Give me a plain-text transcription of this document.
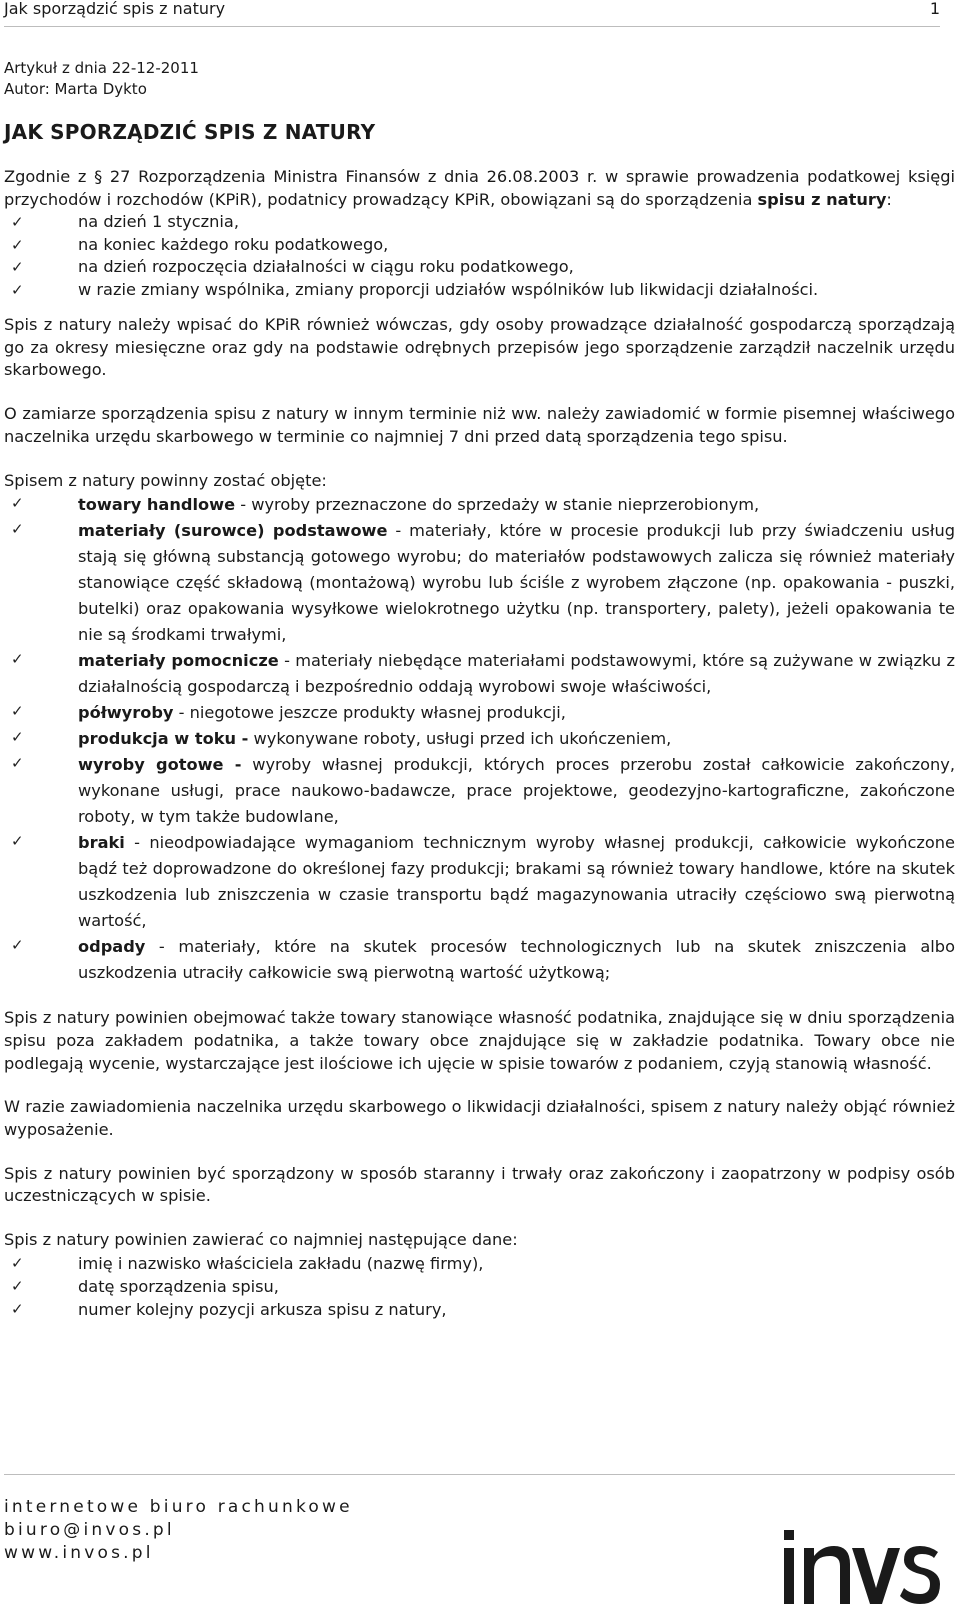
Jak sporządzić spis z natury	1
Artykuł z dnia 22-12-2011
Autor: Marta Dykto
JAK SPORZĄDZIĆ SPIS Z NATURY

Zgodnie z § 27 Rozporządzenia Ministra Finansów z dnia 26.08.2003 r. w sprawie prowadzenia podatkowej księgi przychodów i rozchodów (KPiR), podatnicy prowadzący KPiR, obowiązani są do sporządzenia spisu z natury:

✓	na dzień 1 stycznia,
✓	na koniec każdego roku podatkowego,
✓	na dzień rozpoczęcia działalności w ciągu roku podatkowego,
✓	w razie zmiany wspólnika, zmiany proporcji udziałów wspólników lub likwidacji działalności.

Spis z natury należy wpisać do KPiR również wówczas, gdy osoby prowadzące działalność gospodarczą sporządzają go za okresy miesięczne oraz gdy na podstawie odrębnych przepisów jego sporządzenie zarządził naczelnik urzędu skarbowego.

O zamiarze sporządzenia spisu z natury w innym terminie niż ww. należy zawiadomić w formie pisemnej właściwego naczelnika urzędu skarbowego w terminie co najmniej 7 dni przed datą sporządzenia tego spisu.

Spisem z natury powinny zostać objęte:

✓	towary handlowe - wyroby przeznaczone do sprzedaży w stanie nieprzerobionym,
✓	materiały (surowce) podstawowe - materiały, które w procesie produkcji lub przy świadczeniu usług stają się główną substancją gotowego wyrobu; do materiałów podstawowych zalicza się również materiały stanowiące część składową (montażową) wyrobu lub ściśle z wyrobem złączone (np. opakowania - puszki, butelki) oraz opakowania wysyłkowe wielokrotnego użytku (np. transportery, palety), jeżeli opakowania te nie są środkami trwałymi,
✓	materiały pomocnicze - materiały niebędące materiałami podstawowymi, które są zużywane w związku z działalnością gospodarczą i bezpośrednio oddają wyrobowi swoje właściwości,
✓	półwyroby - niegotowe jeszcze produkty własnej produkcji,
✓	produkcja w toku - wykonywane roboty, usługi przed ich ukończeniem,
✓	wyroby gotowe - wyroby własnej produkcji, których proces przerobu został całkowicie zakończony, wykonane usługi, prace naukowo-badawcze, prace projektowe, geodezyjno-kartograficzne, zakończone roboty, w tym także budowlane,
✓	braki - nieodpowiadające wymaganiom technicznym wyroby własnej produkcji, całkowicie wykończone bądź też doprowadzone do określonej fazy produkcji; brakami są również towary handlowe, które na skutek uszkodzenia lub zniszczenia w czasie transportu bądź magazynowania utraciły częściowo swą pierwotną wartość,
✓	odpady - materiały, które na skutek procesów technologicznych lub na skutek zniszczenia albo uszkodzenia utraciły całkowicie swą pierwotną wartość użytkową;

Spis z natury powinien obejmować także towary stanowiące własność podatnika, znajdujące się w dniu sporządzenia spisu poza zakładem podatnika, a także towary obce znajdujące się w zakładzie podatnika. Towary obce nie podlegają wycenie, wystarczające jest ilościowe ich ujęcie w spisie towarów z podaniem, czyją stanowią własność.

W razie zawiadomienia naczelnika urzędu skarbowego o likwidacji działalności, spisem z natury należy objąć również wyposażenie.

Spis z natury powinien być sporządzony w sposób staranny i trwały oraz zakończony i zaopatrzony w podpisy osób uczestniczących w spisie.

Spis z natury powinien zawierać co najmniej następujące dane:

✓	imię i nazwisko właściciela zakładu (nazwę firmy),
✓	datę sporządzenia spisu,
✓	numer kolejny pozycji arkusza spisu z natury,
internetowe biuro rachunkowe
biuro@invos.pl
www.invos.pl
